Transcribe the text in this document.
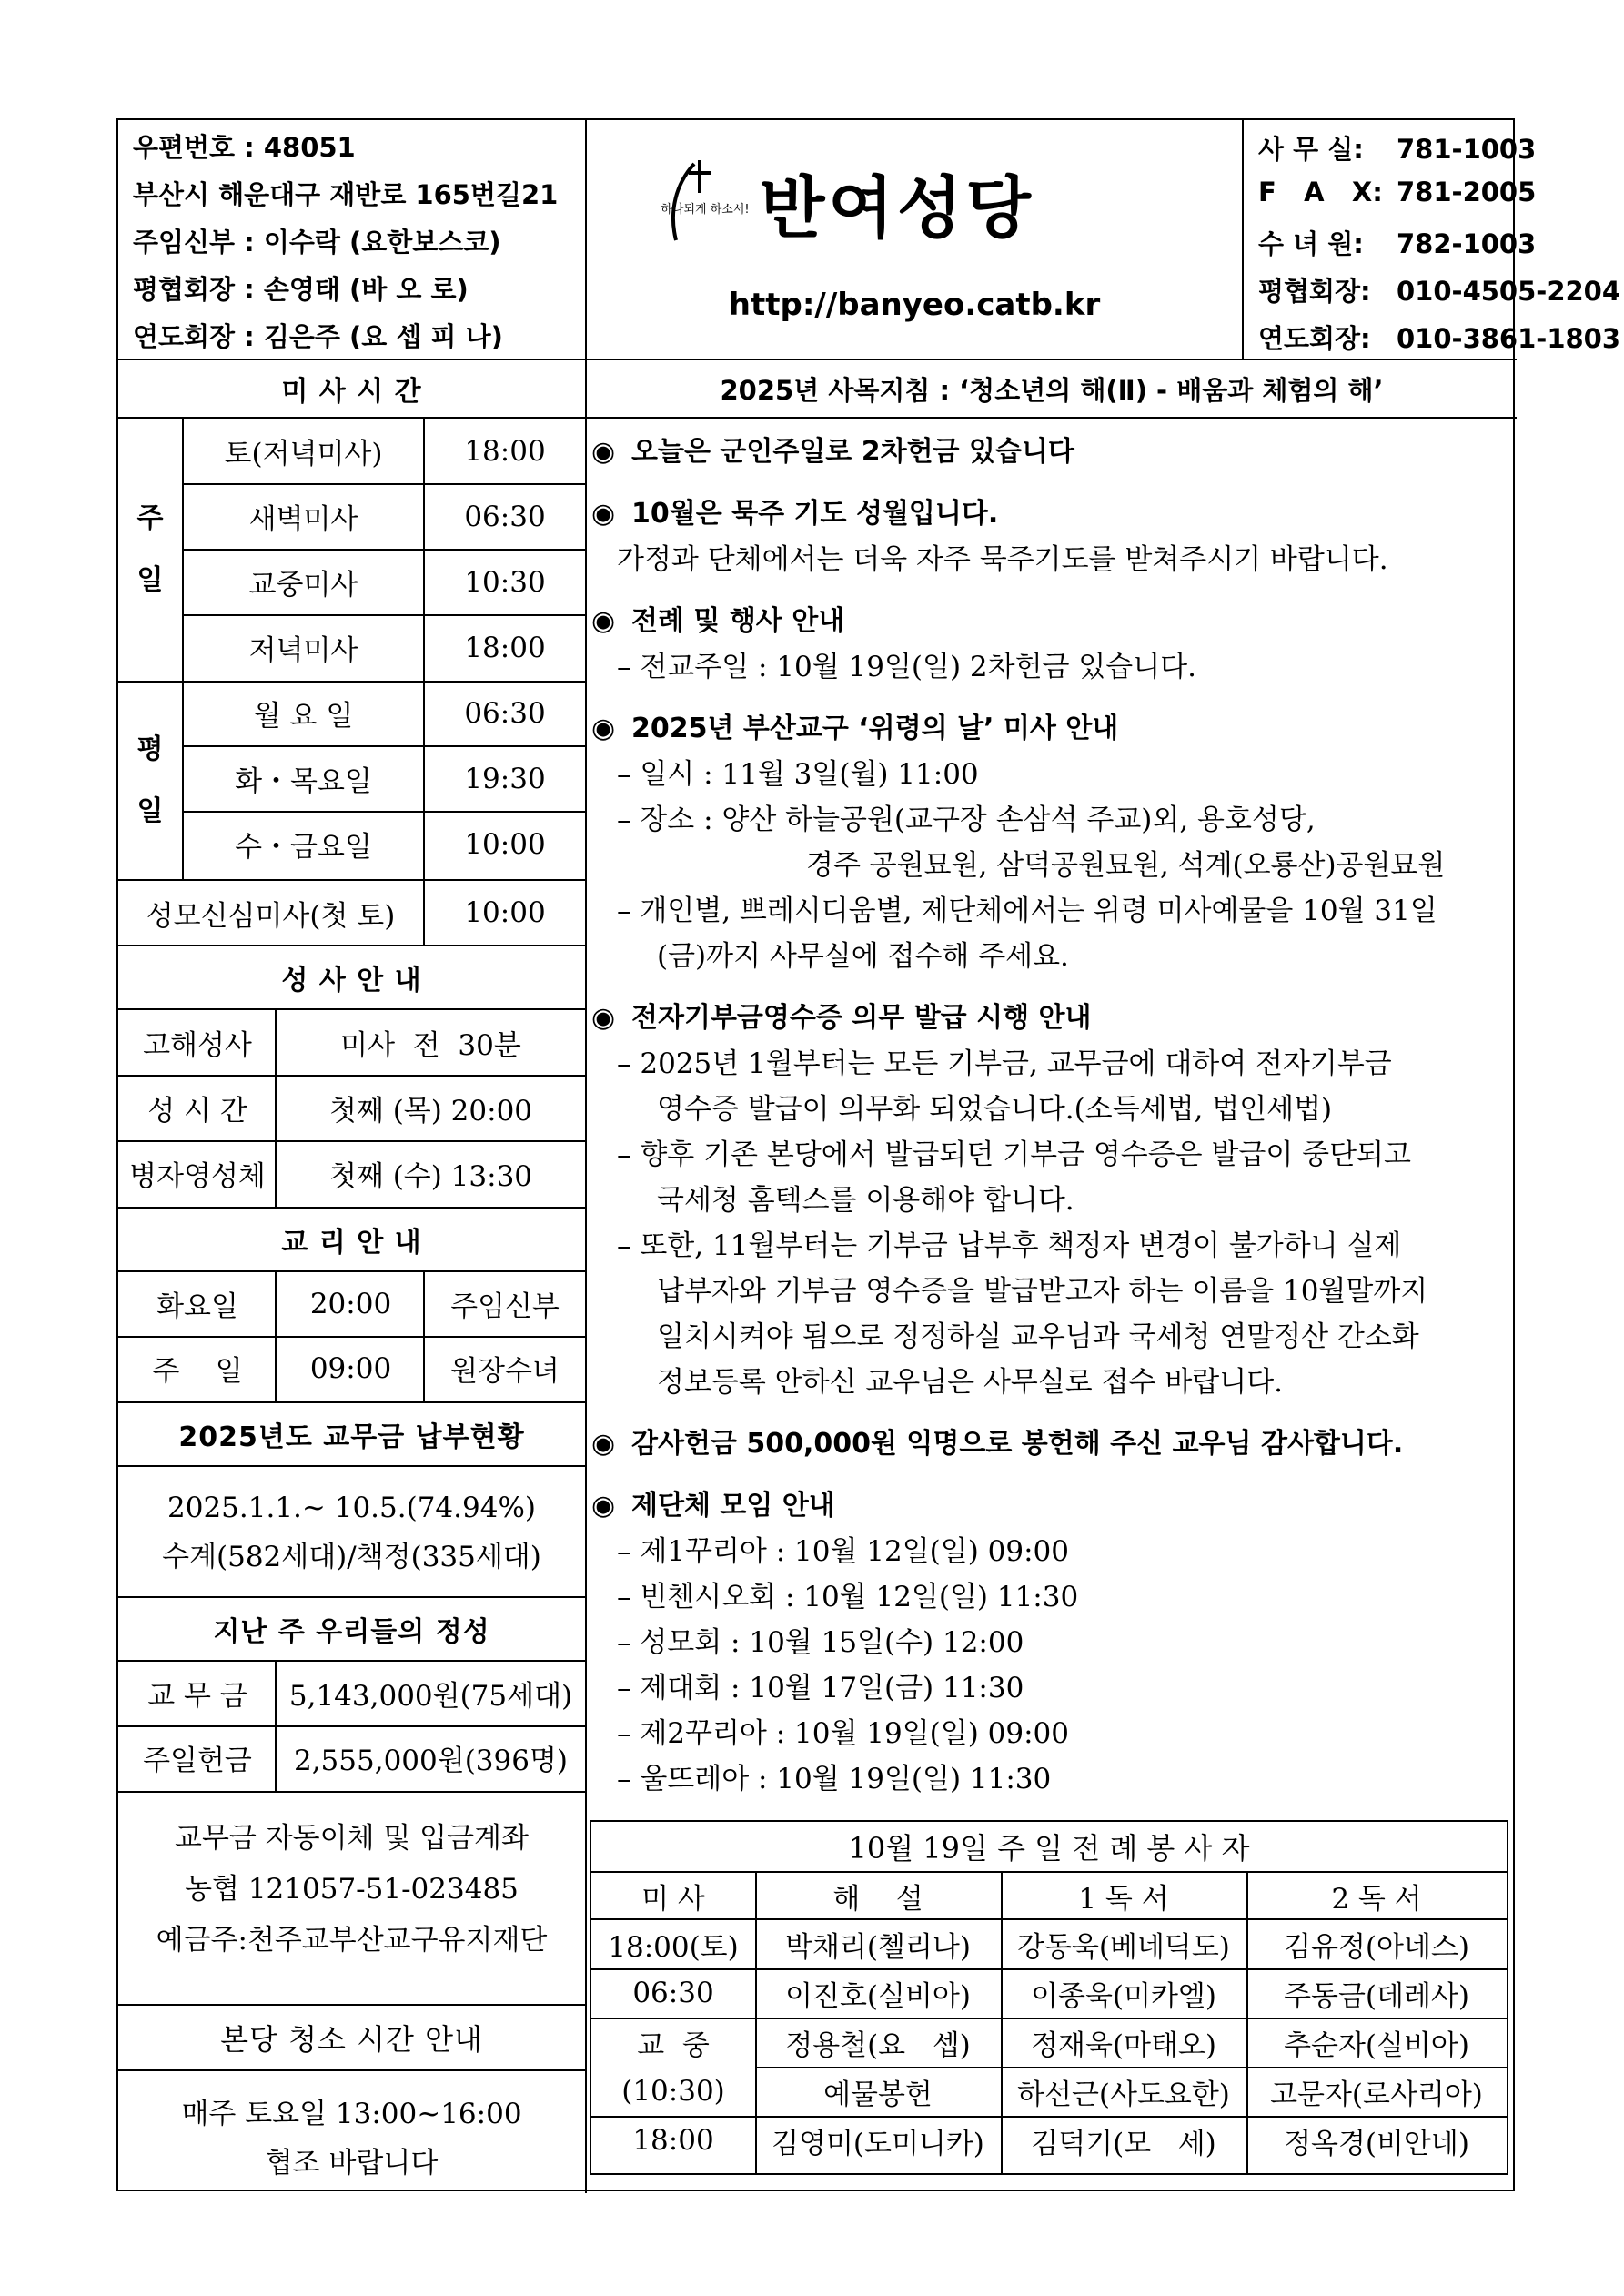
우편번호 : 48051
부산시 해운대구 재반로 165번길21
주임신부 : 이수락 (요한보스코)
평협회장 : 손영태 (바 오 로)
연도회장 : 김은주 (요 셉 피 나)
하나되게 하소서! 반여성당
http://banyeo.catb.kr
사 무 실: 781-1003
F   A   X: 781-2005
수 녀 원: 782-1003
평협회장: 010-4505-2204
연도회장: 010-3861-1803
미 사 시 간
주

일
평

일
토(저녁미사)	18:00
새벽미사	06:30
교중미사	10:30
저녁미사	18:00
월 요 일	06:30
화・목요일	19:30
수・금요일	10:00
성모신심미사(첫 토)	10:00
성 사 안 내
고해성사	미사  전  30분
성 시 간	첫째 (목) 20:00
병자영성체	첫째 (수) 13:30
교 리 안 내
화요일	20:00	주임신부
주    일	09:00	원장수녀
2025년도 교무금 납부현황
2025.1.1.~ 10.5.(74.94%)
수계(582세대)/책정(335세대)
지난 주 우리들의 정성
교 무 금	5,143,000원(75세대)
주일헌금	2,555,000원(396명)
교무금 자동이체 및 입금계좌
농협 121057-51-023485
예금주:천주교부산교구유지재단
본당 청소 시간 안내
매주 토요일 13:00~16:00
협조 바랍니다
2025년 사목지침 : ‘청소년의 해(Ⅱ) - 배움과 체험의 해’
◉ 오늘은 군인주일로 2차헌금 있습니다
◉ 10월은 묵주 기도 성월입니다.
가정과 단체에서는 더욱 자주 묵주기도를 받쳐주시기 바랍니다.
◉ 전례 및 행사 안내
– 전교주일 : 10월 19일(일) 2차헌금 있습니다.
◉ 2025년 부산교구 ‘위령의 날’ 미사 안내
– 일시 : 11월 3일(월) 11:00
– 장소 : 양산 하늘공원(교구장 손삼석 주교)외, 용호성당,
경주 공원묘원, 삼덕공원묘원, 석계(오룡산)공원묘원
– 개인별, 쁘레시디움별, 제단체에서는 위령 미사예물을 10월 31일
(금)까지 사무실에 접수해 주세요.
◉ 전자기부금영수증 의무 발급 시행 안내
– 2025년 1월부터는 모든 기부금, 교무금에 대하여 전자기부금
영수증 발급이 의무화 되었습니다.(소득세법, 법인세법)
– 향후 기존 본당에서 발급되던 기부금 영수증은 발급이 중단되고
국세청 홈텍스를 이용해야 합니다.
– 또한, 11월부터는 기부금 납부후 책정자 변경이 불가하니 실제
납부자와 기부금 영수증을 발급받고자 하는 이름을 10월말까지
일치시켜야 됨으로 정정하실 교우님과 국세청 연말정산 간소화
정보등록 안하신 교우님은 사무실로 접수 바랍니다.
◉ 감사헌금 500,000원 익명으로 봉헌해 주신 교우님 감사합니다.
◉ 제단체 모임 안내
– 제1꾸리아 : 10월 12일(일) 09:00
– 빈첸시오회 : 10월 12일(일) 11:30
– 성모회 : 10월 15일(수) 12:00
– 제대회 : 10월 17일(금) 11:30
– 제2꾸리아 : 10월 19일(일) 09:00
– 울뜨레아 : 10월 19일(일) 11:30
10월 19일 주 일 전 례 봉 사 자
미 사	해    설	1 독 서	2 독 서
18:00(토)	박채리(첼리나)	강동욱(베네딕도)	김유정(아네스)
06:30	이진호(실비아)	이종욱(미카엘)	주동금(데레사)
교  중	정용철(요   셉)	정재욱(마태오)	추순자(실비아)
(10:30)	예물봉헌	하선근(사도요한)	고문자(로사리아)
18:00	김영미(도미니카)	김덕기(모   세)	정옥경(비안네)
